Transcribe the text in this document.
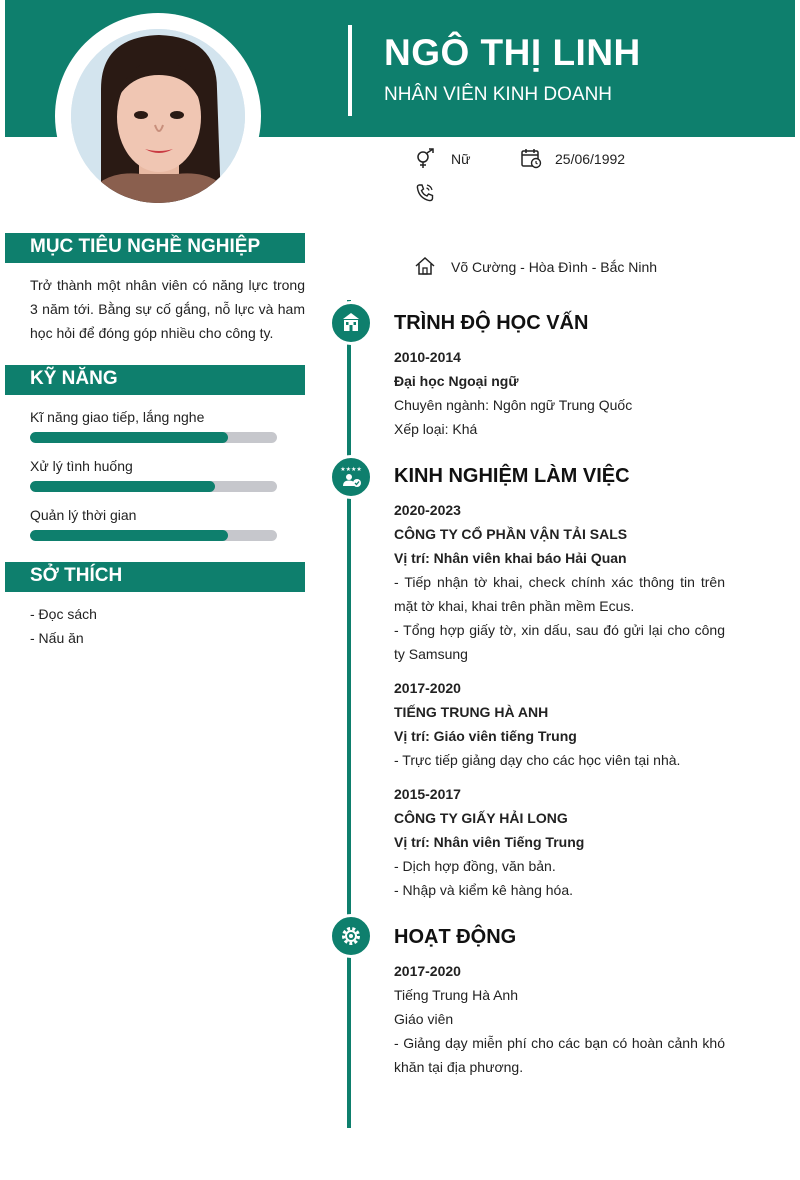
NGÔ THỊ LINH
NHÂN VIÊN KINH DOANH
Nữ	25/06/1992
Võ Cường - Hòa Đình - Bắc Ninh
MỤC TIÊU NGHỀ NGHIỆP
Trở thành một nhân viên có năng lực trong 3 năm tới. Bằng sự cố gắng, nỗ lực và ham học hỏi để đóng góp nhiều cho công ty.
KỸ NĂNG
Kĩ năng giao tiếp, lắng nghe
Xử lý tình huống
Quản lý thời gian
SỞ THÍCH
- Đọc sách
- Nấu ăn
★★★★
TRÌNH ĐỘ HỌC VẤN
2010-2014
Đại học Ngoại ngữ
Chuyên ngành: Ngôn ngữ Trung Quốc
Xếp loại: Khá
KINH NGHIỆM LÀM VIỆC
2020-2023
CÔNG TY CỔ PHẦN VẬN TẢI SALS
Vị trí: Nhân viên khai báo Hải Quan
- Tiếp nhận tờ khai, check chính xác thông tin trên mặt tờ khai, khai trên phần mềm Ecus.
- Tổng hợp giấy tờ, xin dấu, sau đó gửi lại cho công ty Samsung
2017-2020
TIẾNG TRUNG HÀ ANH
Vị trí: Giáo viên tiếng Trung
- Trực tiếp giảng dạy cho các học viên tại nhà.
2015-2017
CÔNG TY GIẤY HẢI LONG
Vị trí: Nhân viên Tiếng Trung
- Dịch hợp đồng, văn bản.
- Nhập và kiểm kê hàng hóa.
HOẠT ĐỘNG
2017-2020
Tiếng Trung Hà Anh
Giáo viên
- Giảng dạy miễn phí cho các bạn có hoàn cảnh khó khăn tại địa phương.
